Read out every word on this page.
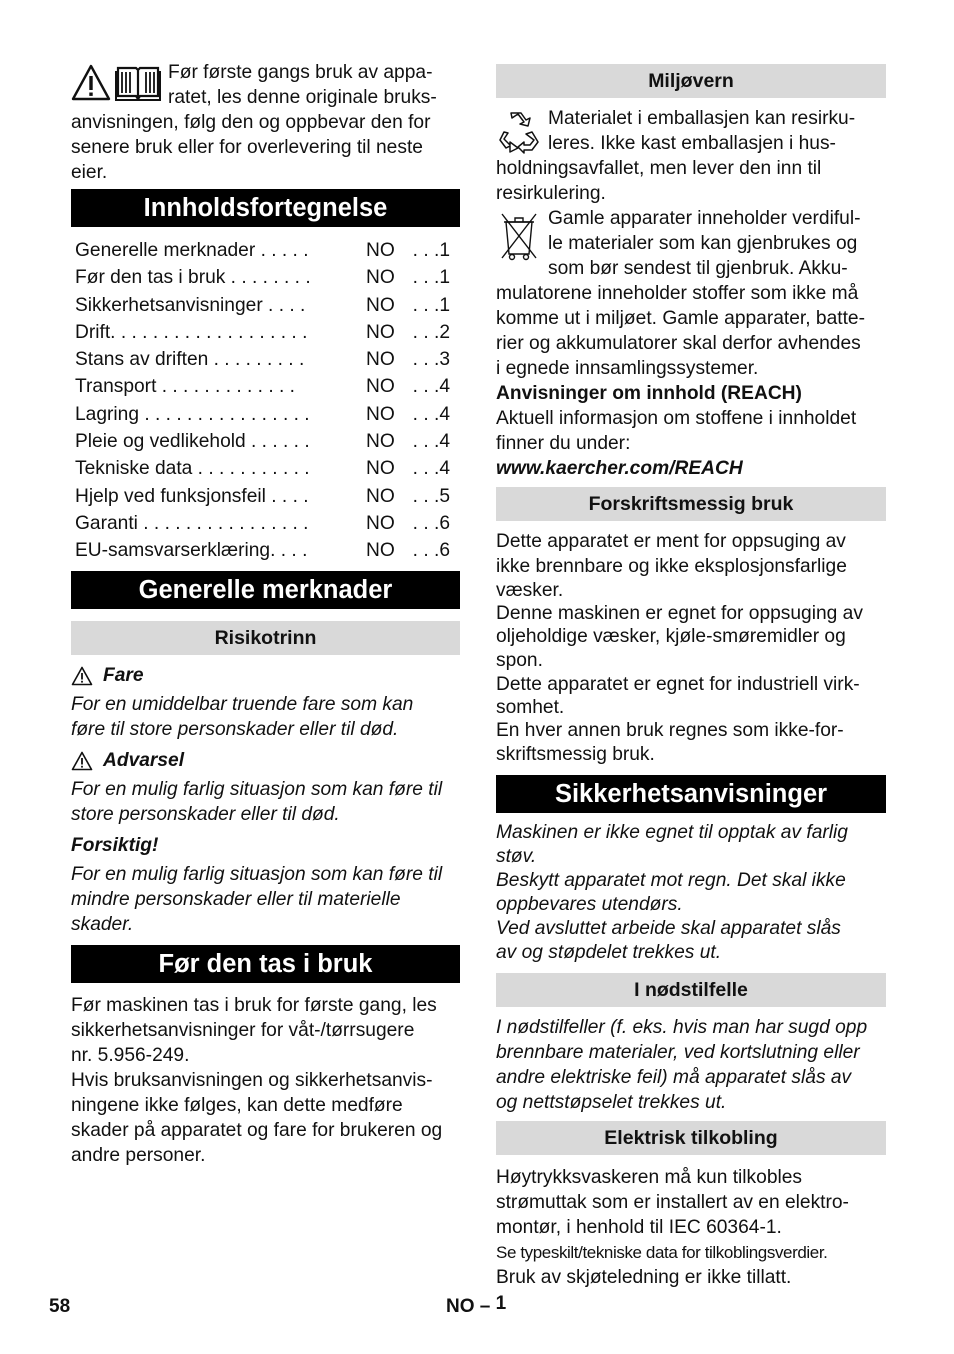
Før første gangs bruk av appa-

ratet, les denne originale bruks-

anvisningen, følg den og oppbevar den for

senere bruk eller for overlevering til neste

eier.

Innholdsfortegnelse
Generelle merknader . . . . .	NO . . .1
Før den tas i bruk . . . . . . . .	NO . . .1
Sikkerhetsanvisninger . . . .	NO . . .1
Drift. . . . . . . . . . . . . . . . . . .	NO . . .2
Stans av driften . . . . . . . . .	NO . . .3
Transport . . . . . . . . . . . . .	NO . . .4
Lagring . . . . . . . . . . . . . . . .	NO . . .4
Pleie og vedlikehold . . . . . .	NO . . .4
Tekniske data . . . . . . . . . . .	NO . . .4
Hjelp ved funksjonsfeil . . . .	NO . . .5
Garanti . . . . . . . . . . . . . . . .	NO . . .6
EU-samsvarserklæring. . . .	NO . . .6
Generelle merknader
Risikotrinn
Fare

For en umiddelbar truende fare som kan

føre til store personskader eller til død.

Advarsel

For en mulig farlig situasjon som kan føre til

store personskader eller til død.

Forsiktig!

For en mulig farlig situasjon som kan føre til

mindre personskader eller til materielle

skader.

Før den tas i bruk

Før maskinen tas i bruk for første gang, les

sikkerhetsanvisninger for våt-/tørrsugere

nr. 5.956-249.

Hvis bruksanvisningen og sikkerhetsanvis-

ningene ikke følges, kan dette medføre

skader på apparatet og fare for brukeren og

andre personer.

Miljøvern

Materialet i emballasjen kan resirku-

leres. Ikke kast emballasjen i hus-

holdningsavfallet, men lever den inn til

resirkulering.

Gamle apparater inneholder verdiful-

le materialer som kan gjenbrukes og

som bør sendest til gjenbruk. Akku-

mulatorene inneholder stoffer som ikke må

komme ut i miljøet. Gamle apparater, batte-

rier og akkumulatorer skal derfor avhendes

i egnede innsamlingssystemer.

Anvisninger om innhold (REACH)

Aktuell informasjon om stoffene i innholdet

finner du under:

www.kaercher.com/REACH

Forskriftsmessig bruk

Dette apparatet er ment for oppsuging av

ikke brennbare og ikke eksplosjonsfarlige

væsker.

Denne maskinen er egnet for oppsuging av

oljeholdige væsker, kjøle-smøremidler og

spon.

Dette apparatet er egnet for industriell virk-

somhet.

En hver annen bruk regnes som ikke-for-

skriftsmessig bruk.

Sikkerhetsanvisninger

Maskinen er ikke egnet til opptak av farlig

støv.

Beskytt apparatet mot regn. Det skal ikke

oppbevares utendørs.

Ved avsluttet arbeide skal apparatet slås

av og støpdelet trekkes ut.

I nødstilfelle

I nødstilfeller (f. eks. hvis man har sugd opp

brennbare materialer, ved kortslutning eller

andre elektriske feil) må apparatet slås av

og nettstøpselet trekkes ut.

Elektrisk tilkobling

Høytrykksvaskeren må kun tilkobles

strømuttak som er installert av en elektro-

montør, i henhold til IEC 60364-1.

Se typeskilt/tekniske data for tilkoblingsverdier.

Bruk av skjøteledning er ikke tillatt.

58	NO – 1
